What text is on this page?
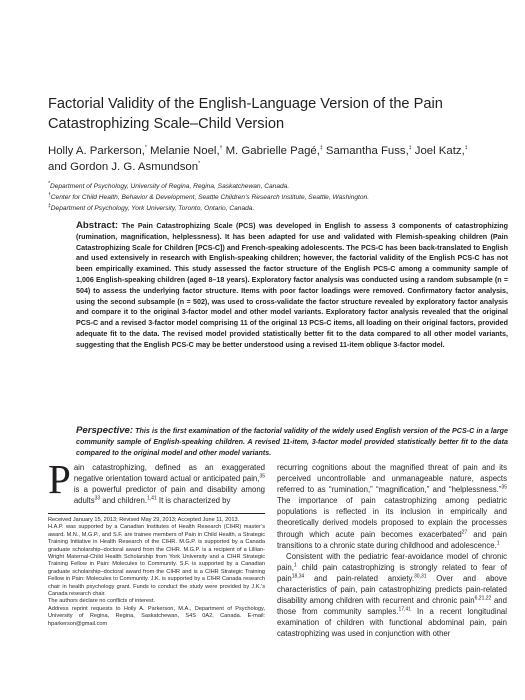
Factorial Validity of the English-Language Version of the Pain
Catastrophizing Scale–Child Version

Holly A. Parkerson,* Melanie Noel,† M. Gabrielle Pagé,‡ Samantha Fuss,‡ Joel Katz,‡
and Gordon J. G. Asmundson*

*Department of Psychology, University of Regina, Regina, Saskatchewan, Canada.
†Center for Child Health, Behavior & Development, Seattle Children’s Research Institute, Seattle, Washington.
‡Department of Psychology, York University, Toronto, Ontario, Canada.

Abstract: The Pain Catastrophizing Scale (PCS) was developed in English to assess 3 components of catastrophizing (rumination, magnification, helplessness). It has been adapted for use and validated with Flemish-speaking children (Pain Catastrophizing Scale for Children [PCS-C]) and French-speaking adolescents. The PCS-C has been back-translated to English and used extensively in research with English-speaking children; however, the factorial validity of the English PCS-C has not been empirically examined. This study assessed the factor structure of the English PCS-C among a community sample of 1,006 English-speaking children (aged 8–18 years). Exploratory factor analysis was conducted using a random subsample (n = 504) to assess the underlying factor structure. Items with poor factor loadings were removed. Confirmatory factor analysis, using the second subsample (n = 502), was used to cross-validate the factor structure revealed by exploratory factor analysis and compare it to the original 3-factor model and other model variants. Exploratory factor analysis revealed that the original PCS-C and a revised 3-factor model comprising 11 of the original 13 PCS-C items, all loading on their original factors, provided adequate fit to the data. The revised model provided statistically better fit to the data compared to all other model variants, suggesting that the English PCS-C may be better understood using a revised 11-item oblique 3-factor model.

Perspective: This is the first examination of the factorial validity of the widely used English version of the PCS-C in a large community sample of English-speaking children. A revised 11-item, 3-factor model provided statistically better fit to the data compared to the original model and other model variants.

Pain catastrophizing, defined as an exaggerated negative orientation toward actual or anticipated pain,$^{35}$ is a powerful predictor of pain and disability among adults$^{33}$ and children.$^{1,41}$ It is characterized by

Received January 15, 2013; Revised May 29, 2013; Accepted June 11, 2013.

H.A.P. was supported by a Canadian Institutes of Health Research (CIHR) master’s award. M.N., M.G.P., and S.F. are trainee members of Pain in Child Health, a Strategic Training Initiative in Health Research of the CIHR. M.G.P. is supported by a Canada graduate scholarship–doctoral award from the CIHR. M.G.P. is a recipient of a Lillian-Wright Maternal-Child Health Scholarship from York University and a CIHR Strategic Training Fellow in Pain: Molecules to Community. S.F. is supported by a Canadian graduate scholarship–doctoral award from the CIHR and is a CIHR Strategic Training Fellow in Pain: Molecules to Community. J.K. is supported by a CIHR Canada research chair in health psychology grant. Funds to conduct the study were provided by J.K.’s Canada research chair.

The authors declare no conflicts of interest.

Address reprint requests to Holly A. Parkerson, M.A., Department of Psychology, University of Regina, Regina, Saskatchewan, S4S 0A2, Canada. E-mail: hparkerson@gmail.com

recurring cognitions about the magnified threat of pain and its perceived uncontrollable and unmanageable nature, aspects referred to as “rumination,” “magnification,” and “helplessness.”$^{35}$ The importance of pain catastrophizing among pediatric populations is reflected in its inclusion in empirically and theoretically derived models proposed to explain the processes through which acute pain becomes exacerbated$^{27}$ and pain transitions to a chronic state during childhood and adolescence.$^1$

Consistent with the pediatric fear-avoidance model of chronic pain,$^1$ child pain catastrophizing is strongly related to fear of pain$^{18,34}$ and pain-related anxiety.$^{30,31}$ Over and above characteristics of pain, pain catastrophizing predicts pain-related disability among children with recurrent and chronic pain$^{6,21,22}$ and those from community samples.$^{17,41}$ In a recent longitudinal examination of children with functional abdominal pain, pain catastrophizing was used in conjunction with other
